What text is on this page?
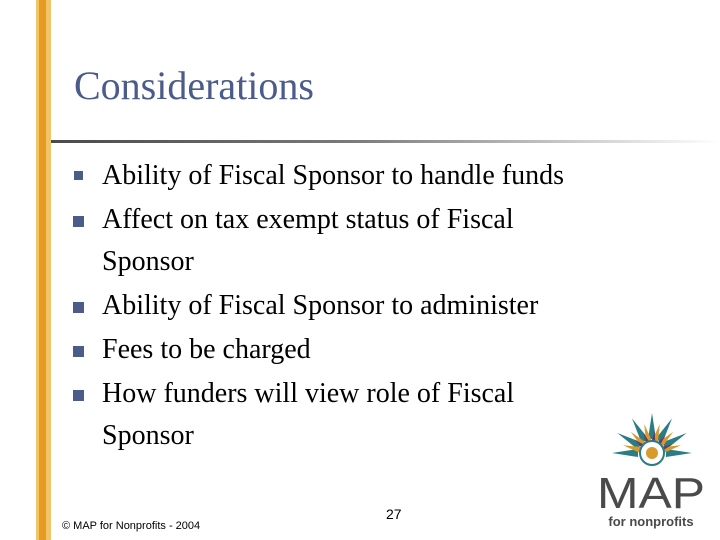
Considerations
Ability of Fiscal Sponsor to handle funds
Affect on tax exempt status of Fiscal
Sponsor
Ability of Fiscal Sponsor to administer
Fees to be charged
How funders will view role of Fiscal
Sponsor
27
© MAP for Nonprofits - 2004
MAP
for nonprofits
